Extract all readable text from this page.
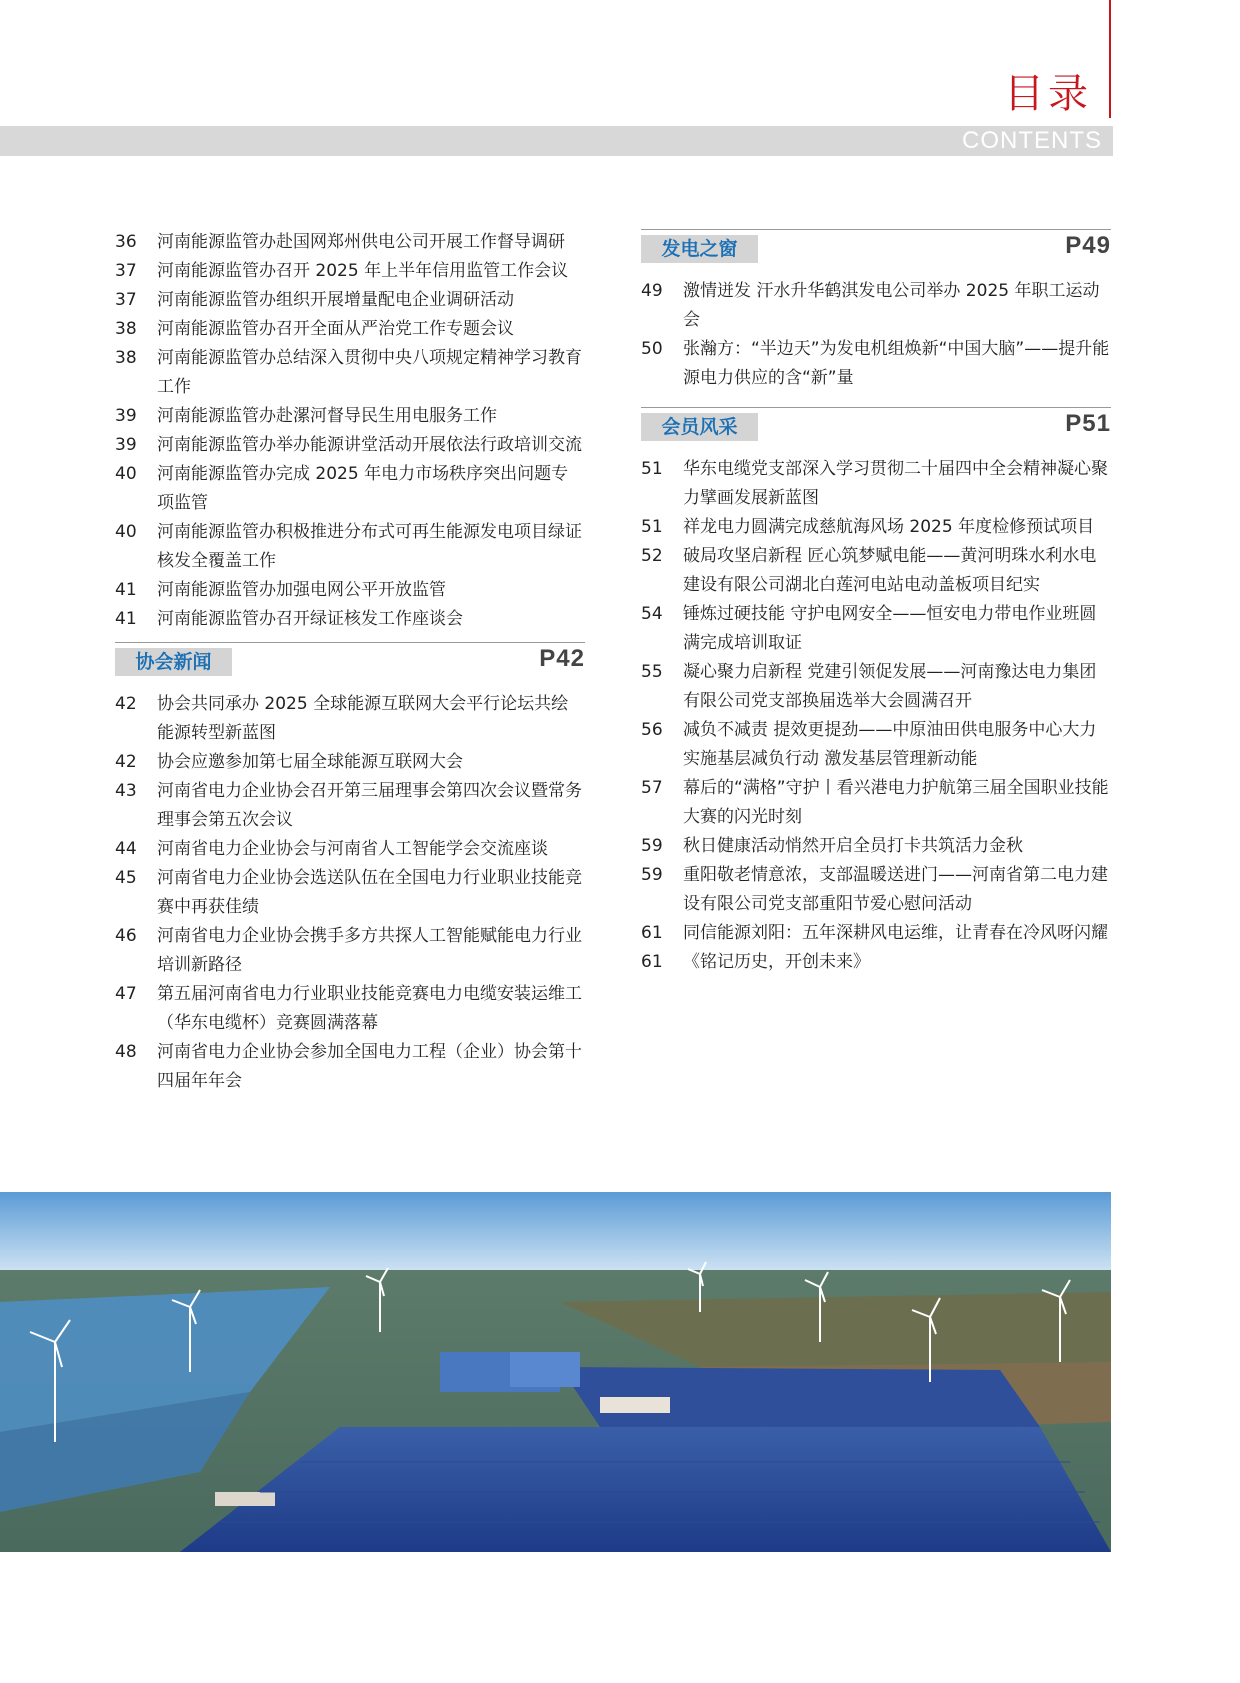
目录
CONTENTS
36	河南能源监管办赴国网郑州供电公司开展工作督导调研
37	河南能源监管办召开 2025 年上半年信用监管工作会议
37	河南能源监管办组织开展增量配电企业调研活动
38	河南能源监管办召开全面从严治党工作专题会议
38	河南能源监管办总结深入贯彻中央八项规定精神学习教育工作
39	河南能源监管办赴漯河督导民生用电服务工作
39	河南能源监管办举办能源讲堂活动开展依法行政培训交流
40	河南能源监管办完成 2025 年电力市场秩序突出问题专项监管
40	河南能源监管办积极推进分布式可再生能源发电项目绿证核发全覆盖工作
41	河南能源监管办加强电网公平开放监管
41	河南能源监管办召开绿证核发工作座谈会
协会新闻	P42
42	协会共同承办 2025 全球能源互联网大会平行论坛共绘能源转型新蓝图
42	协会应邀参加第七届全球能源互联网大会
43	河南省电力企业协会召开第三届理事会第四次会议暨常务理事会第五次会议
44	河南省电力企业协会与河南省人工智能学会交流座谈
45	河南省电力企业协会选送队伍在全国电力行业职业技能竞赛中再获佳绩
46	河南省电力企业协会携手多方共探人工智能赋能电力行业培训新路径
47	第五届河南省电力行业职业技能竞赛电力电缆安装运维工（华东电缆杯）竞赛圆满落幕
48	河南省电力企业协会参加全国电力工程（企业）协会第十四届年年会
发电之窗	P49
49	激情迸发 汗水升华鹤淇发电公司举办 2025 年职工运动会
50	张瀚方：“半边天”为发电机组焕新“中国大脑”——提升能源电力供应的含“新”量
会员风采	P51
51	华东电缆党支部深入学习贯彻二十届四中全会精神凝心聚力擘画发展新蓝图
51	祥龙电力圆满完成慈航海风场 2025 年度检修预试项目
52	破局攻坚启新程 匠心筑梦赋电能——黄河明珠水利水电建设有限公司湖北白莲河电站电动盖板项目纪实
54	锤炼过硬技能 守护电网安全——恒安电力带电作业班圆满完成培训取证
55	凝心聚力启新程 党建引领促发展——河南豫达电力集团有限公司党支部换届选举大会圆满召开
56	减负不减责 提效更提劲——中原油田供电服务中心大力实施基层减负行动 激发基层管理新动能
57	幕后的“满格”守护丨看兴港电力护航第三届全国职业技能大赛的闪光时刻
59	秋日健康活动悄然开启全员打卡共筑活力金秋
59	重阳敬老情意浓，支部温暖送进门——河南省第二电力建设有限公司党支部重阳节爱心慰问活动
61	同信能源刘阳：五年深耕风电运维，让青春在冷风呀闪耀
61	《铭记历史，开创未来》
